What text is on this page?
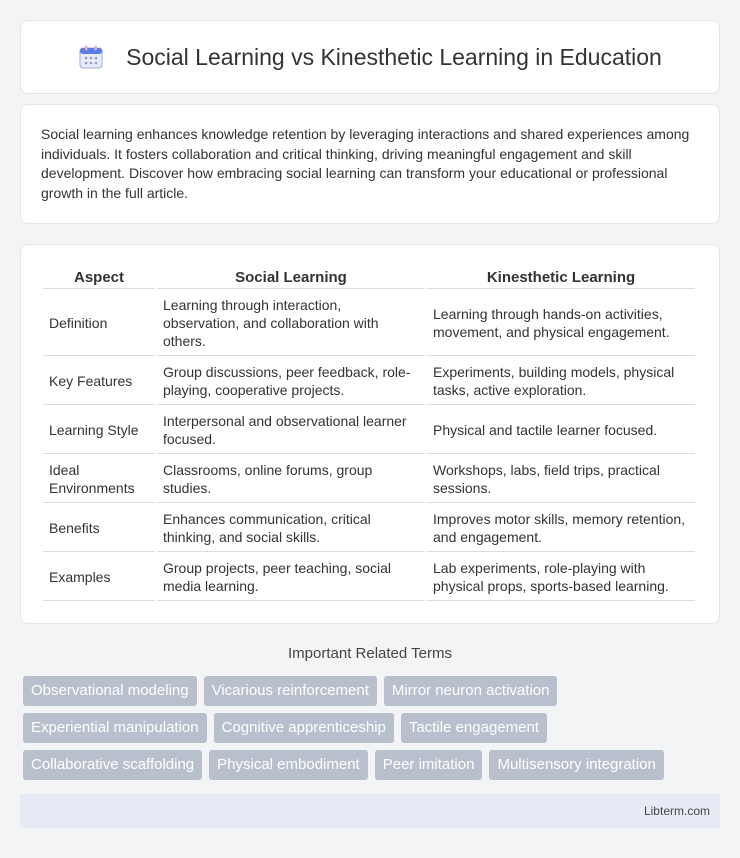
Social Learning vs Kinesthetic Learning in Education

Social learning enhances knowledge retention by leveraging interactions and shared experiences among individuals. It fosters collaboration and critical thinking, driving meaningful engagement and skill development. Discover how embracing social learning can transform your educational or professional growth in the full article.

Aspect	Social Learning	Kinesthetic Learning
Definition	Learning through interaction, observation, and collaboration with others.	Learning through hands-on activities, movement, and physical engagement.
Key Features	Group discussions, peer feedback, role-playing, cooperative projects.	Experiments, building models, physical tasks, active exploration.
Learning Style	Interpersonal and observational learner focused.	Physical and tactile learner focused.
Ideal Environments	Classrooms, online forums, group studies.	Workshops, labs, field trips, practical sessions.
Benefits	Enhances communication, critical thinking, and social skills.	Improves motor skills, memory retention, and engagement.
Examples	Group projects, peer teaching, social media learning.	Lab experiments, role-playing with physical props, sports-based learning.
Important Related Terms
Observational modeling	Vicarious reinforcement	Mirror neuron activation
Experiential manipulation	Cognitive apprenticeship	Tactile engagement
Collaborative scaffolding	Physical embodiment	Peer imitation	Multisensory integration
Libterm.com
